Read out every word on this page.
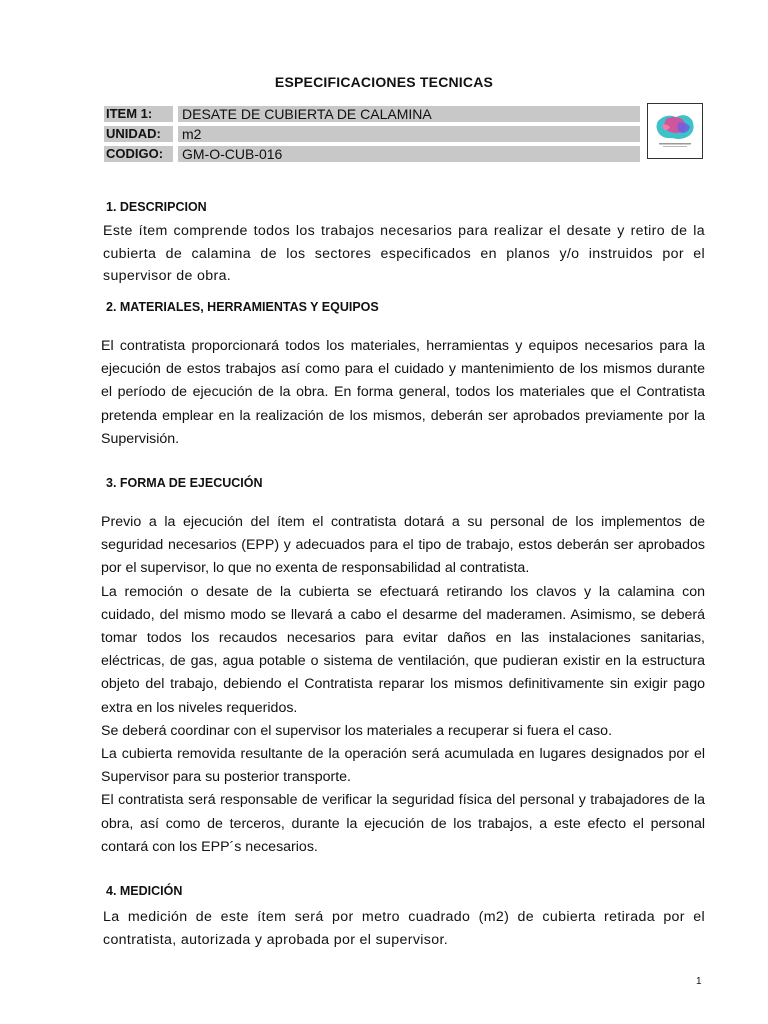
ESPECIFICACIONES TECNICAS
ITEM 1:	DESATE DE CUBIERTA DE CALAMINA
UNIDAD:	m2
CODIGO:	GM-O-CUB-016
1. DESCRIPCION

Este ítem comprende todos los trabajos necesarios para realizar el desate y retiro de la cubierta de calamina de los sectores especificados en planos y/o instruidos por el supervisor de obra.

2. MATERIALES, HERRAMIENTAS Y EQUIPOS

El contratista proporcionará todos los materiales, herramientas y equipos necesarios para la ejecución de estos trabajos así como para el cuidado y mantenimiento de los mismos durante el período de ejecución de la obra. En forma general, todos los materiales que el Contratista pretenda emplear en la realización de los mismos, deberán ser aprobados previamente por la Supervisión.

3. FORMA DE EJECUCIÓN

Previo a la ejecución del ítem el contratista dotará a su personal de los implementos de seguridad necesarios (EPP) y adecuados para el tipo de trabajo, estos deberán ser aprobados por el supervisor, lo que no exenta de responsabilidad al contratista.

La remoción o desate de la cubierta se efectuará retirando los clavos y la calamina con cuidado, del mismo modo se llevará a cabo el desarme del maderamen. Asimismo, se deberá tomar todos los recaudos necesarios para evitar daños en las instalaciones sanitarias, eléctricas, de gas, agua potable o sistema de ventilación, que pudieran existir en la estructura objeto del trabajo, debiendo el Contratista reparar los mismos definitivamente sin exigir pago extra en los niveles requeridos.

Se deberá coordinar con el supervisor los materiales a recuperar si fuera el caso.

La cubierta removida resultante de la operación será acumulada en lugares designados por el Supervisor para su posterior transporte.

El contratista será responsable de verificar la seguridad física del personal y trabajadores de la obra, así como de terceros, durante la ejecución de los trabajos, a este efecto el personal contará con los EPP´s necesarios.

4. MEDICIÓN

La medición de este ítem será por metro cuadrado (m2) de cubierta retirada por el contratista, autorizada y aprobada por el supervisor.

1
